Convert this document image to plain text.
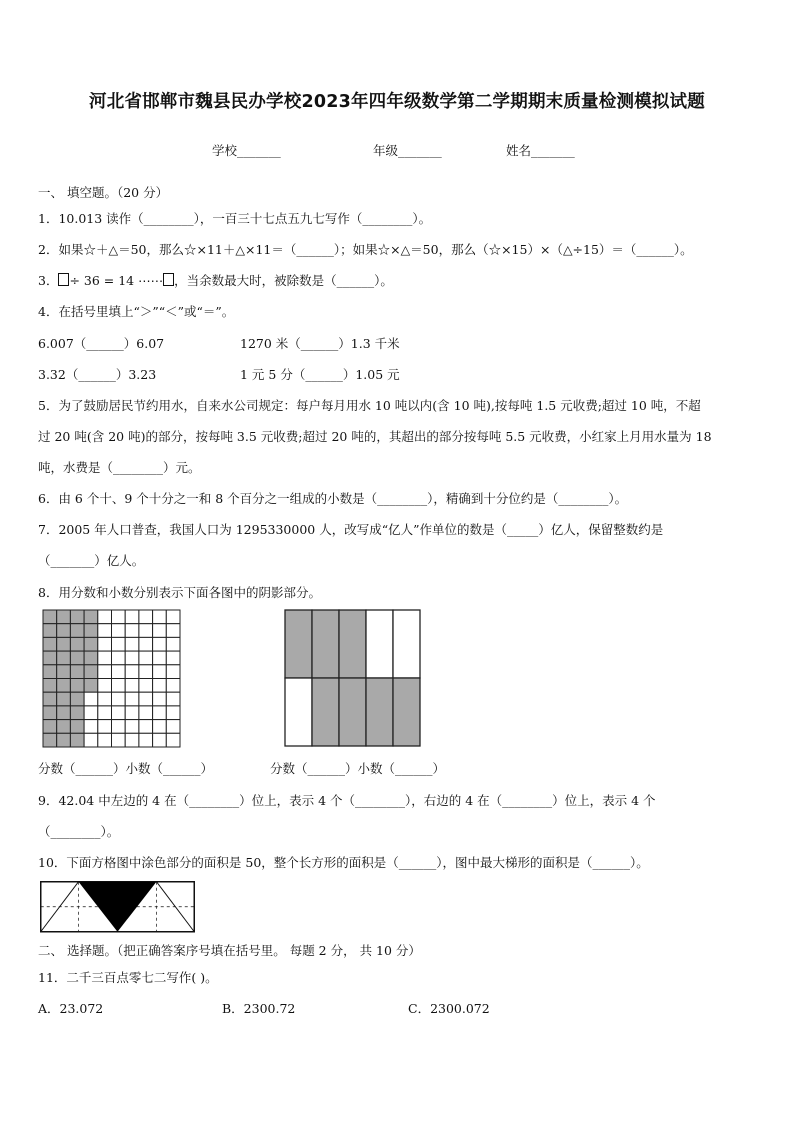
河北省邯郸市魏县民办学校2023年四年级数学第二学期期末质量检测模拟试题
学校_______	年级_______	姓名_______
一、 填空题。（20 分）
1．10.013 读作（________），一百三十七点五九七写作（________）。
2．如果☆＋△＝50，那么☆×11＋△×11＝（______）；如果☆×△＝50，那么（☆×15）×（△÷15）＝（______）。
3． ÷ 36 = 14 ⋯⋯ ，当余数最大时，被除数是（______）。
4．在括号里填上“＞”“＜”或“＝”。
6.007（______）6.07	1270 米（______）1.3 千米
3.32（______）3.23	1 元 5 分（______）1.05 元
5．为了鼓励居民节约用水，自来水公司规定：每户每月用水 10 吨以内(含 10 吨),按每吨 1.5 元收费;超过 10 吨，不超
过 20 吨(含 20 吨)的部分，按每吨 3.5 元收费;超过 20 吨的，其超出的部分按每吨 5.5 元收费，小红家上月用水量为 18
吨，水费是（________）元。
6．由 6 个十、9 个十分之一和 8 个百分之一组成的小数是（________），精确到十分位约是（________）。
7．2005 年人口普查，我国人口为 1295330000 人，改写成“亿人”作单位的数是（_____）亿人，保留整数约是
（_______）亿人。
8．用分数和小数分别表示下面各图中的阴影部分。
分数（______）小数（______）	分数（______）小数（______）
9．42.04 中左边的 4 在（________）位上，表示 4 个（________），右边的 4 在（________）位上，表示 4 个
（________）。
10．下面方格图中涂色部分的面积是 50，整个长方形的面积是（______），图中最大梯形的面积是（______）。
二、 选择题。（把正确答案序号填在括号里。 每题 2 分， 共 10 分）
11．二千三百点零七二写作( )。
A．23.072	B．2300.72	C．2300.072
